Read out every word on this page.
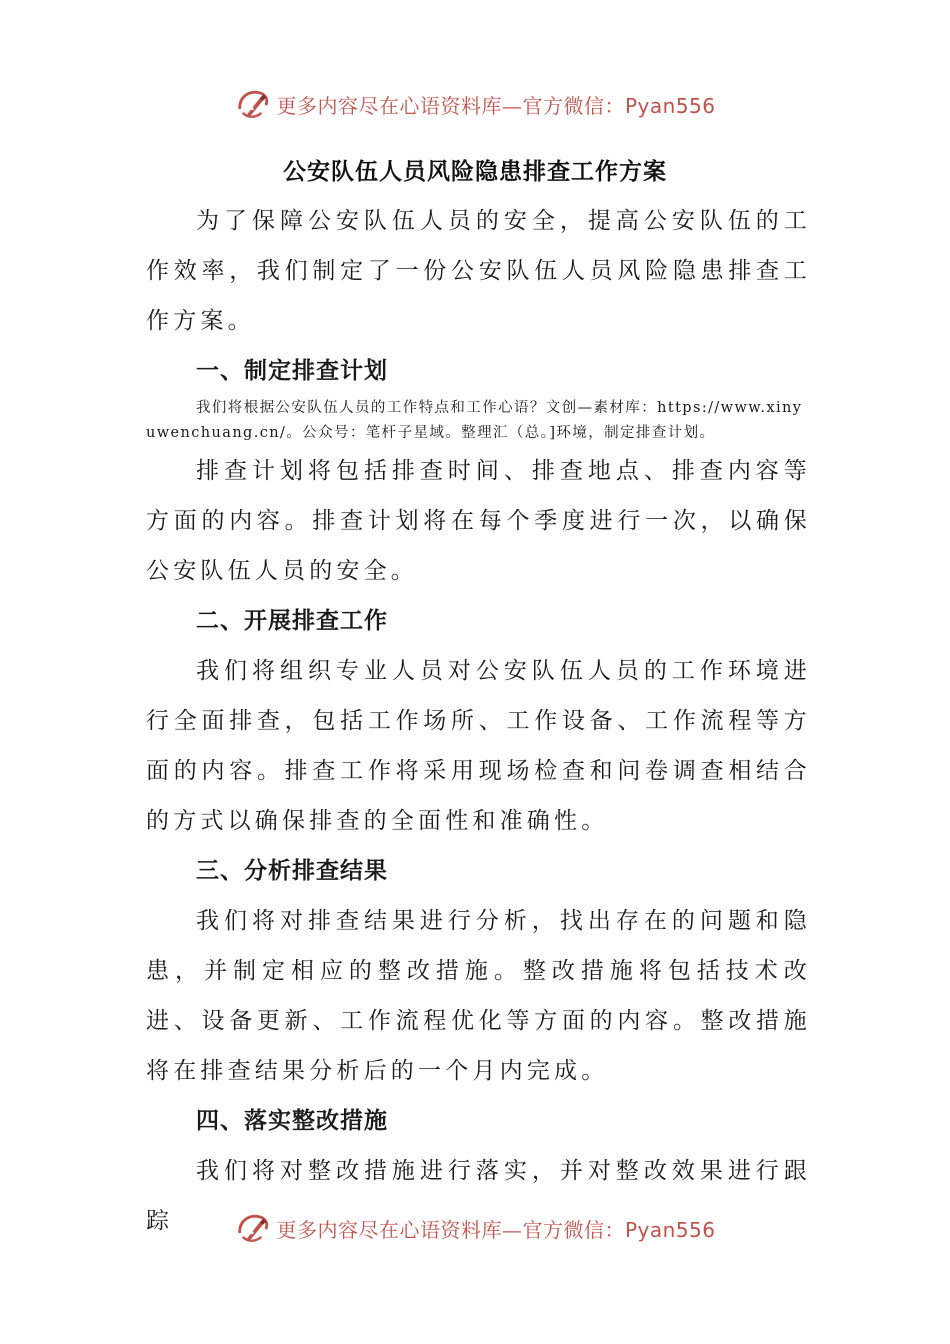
更多内容尽在心语资料库—官方微信：Pyan556
公安队伍人员风险隐患排查工作方案

为了保障公安队伍人员的安全，提高公安队伍的工作效率，我们制定了一份公安队伍人员风险隐患排查工作方案。

一、制定排查计划

我们将根据公安队伍人员的工作特点和工作心语？文创—素材库：https://www.xinyuwenchuang.cn/。公众号：笔杆子星域。整理汇（总。]环境，制定排查计划。

排查计划将包括排查时间、排查地点、排查内容等方面的内容。排查计划将在每个季度进行一次，以确保公安队伍人员的安全。

二、开展排查工作

我们将组织专业人员对公安队伍人员的工作环境进行全面排查，包括工作场所、工作设备、工作流程等方面的内容。排查工作将采用现场检查和问卷调查相结合的方式以确保排查的全面性和准确性。

三、分析排查结果

我们将对排查结果进行分析，找出存在的问题和隐患，并制定相应的整改措施。整改措施将包括技术改进、设备更新、工作流程优化等方面的内容。整改措施将在排查结果分析后的一个月内完成。

四、落实整改措施

我们将对整改措施进行落实，并对整改效果进行跟踪	更多内容尽在心语资料库—官方微信：Pyan556
